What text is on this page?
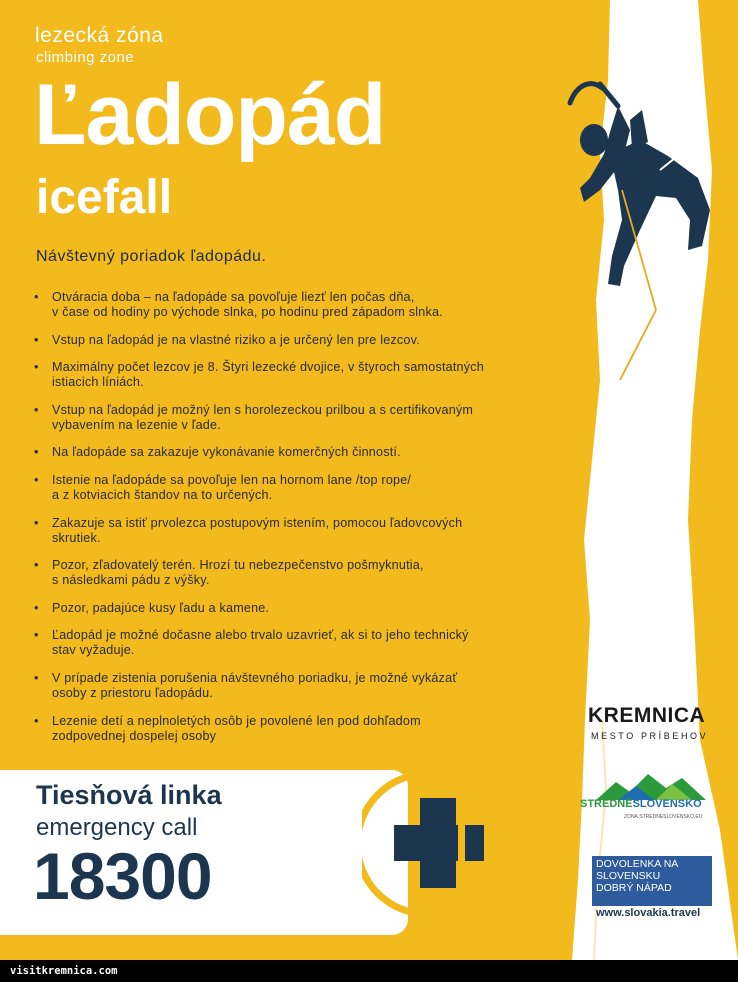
lezecká zóna
climbing zone
Ľadopád
icefall
Návštevný poriadok ľadopádu.
• Otváracia doba – na ľadopáde sa povoľuje liezť len počas dňa,
v čase od hodiny po východe slnka, po hodinu pred západom slnka.
• Vstup na ľadopád je na vlastné riziko a je určený len pre lezcov.
• Maximálny počet lezcov je 8. Štyri lezecké dvojice, v štyroch samostatných
istiacich líniách.
• Vstup na ľadopád je možný len s horolezeckou prilbou a s certifikovaným
vybavením na lezenie v ľade.
• Na ľadopáde sa zakazuje vykonávanie komerčných činností.
• Istenie na ľadopáde sa povoľuje len na hornom lane /top rope/
a z kotviacich štandov na to určených.
• Zakazuje sa istiť prvolezca postupovým istením, pomocou ľadovcových
skrutiek.
• Pozor, zľadovatelý terén. Hrozí tu nebezpečenstvo pošmyknutia,
s následkami pádu z výšky.
• Pozor, padajúce kusy ľadu a kamene.
• Ľadopád je možné dočasne alebo trvalo uzavrieť, ak si to jeho technický
stav vyžaduje.
• V prípade zistenia porušenia návštevného poriadku, je možné vykázať
osoby z priestoru ľadopádu.
• Lezenie detí a neplnoletých osôb je povolené len pod dohľadom
zodpovednej dospelej osoby
Tiesňová linka
emergency call
18300
KREMNICA
MESTO PRÍBEHOV
STREDNÉSLOVENSKO
ZONA.STREDNESLOVENSKO.EU
DOVOLENKA NA
SLOVENSKU
DOBRÝ NÁPAD
www.slovakia.travel
visitkremnica.com
